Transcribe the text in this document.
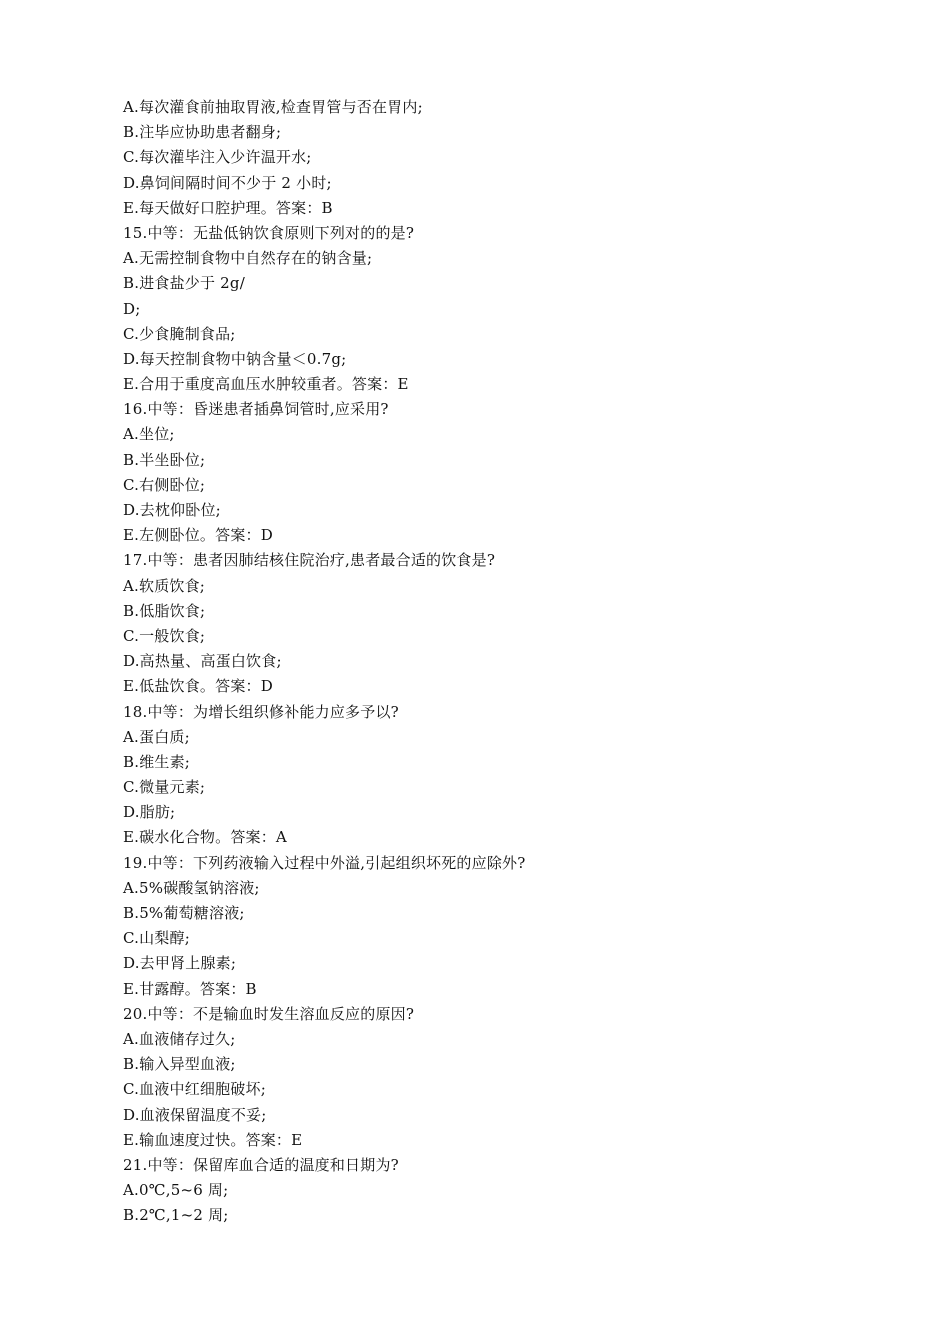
A.每次灌食前抽取胃液,检查胃管与否在胃内;
B.注毕应协助患者翻身;
C.每次灌毕注入少许温开水;
D.鼻饲间隔时间不少于 2 小时;
E.每天做好口腔护理。答案：B
15.中等：无盐低钠饮食原则下列对的的是?
A.无需控制食物中自然存在的钠含量;
B.进食盐少于 2g/
D;
C.少食腌制食品;
D.每天控制食物中钠含量＜0.7g;
E.合用于重度高血压水肿较重者。答案：E
16.中等：昏迷患者插鼻饲管时,应采用?
A.坐位;
B.半坐卧位;
C.右侧卧位;
D.去枕仰卧位;
E.左侧卧位。答案：D
17.中等：患者因肺结核住院治疗,患者最合适的饮食是?
A.软质饮食;
B.低脂饮食;
C.一般饮食;
D.高热量、高蛋白饮食;
E.低盐饮食。答案：D
18.中等：为增长组织修补能力应多予以?
A.蛋白质;
B.维生素;
C.微量元素;
D.脂肪;
E.碳水化合物。答案：A
19.中等：下列药液输入过程中外溢,引起组织坏死的应除外?
A.5%碳酸氢钠溶液;
B.5%葡萄糖溶液;
C.山梨醇;
D.去甲肾上腺素;
E.甘露醇。答案：B
20.中等：不是输血时发生溶血反应的原因?
A.血液储存过久;
B.输入异型血液;
C.血液中红细胞破坏;
D.血液保留温度不妥;
E.输血速度过快。答案：E
21.中等：保留库血合适的温度和日期为?
A.0℃,5~6 周;
B.2℃,1~2 周;
